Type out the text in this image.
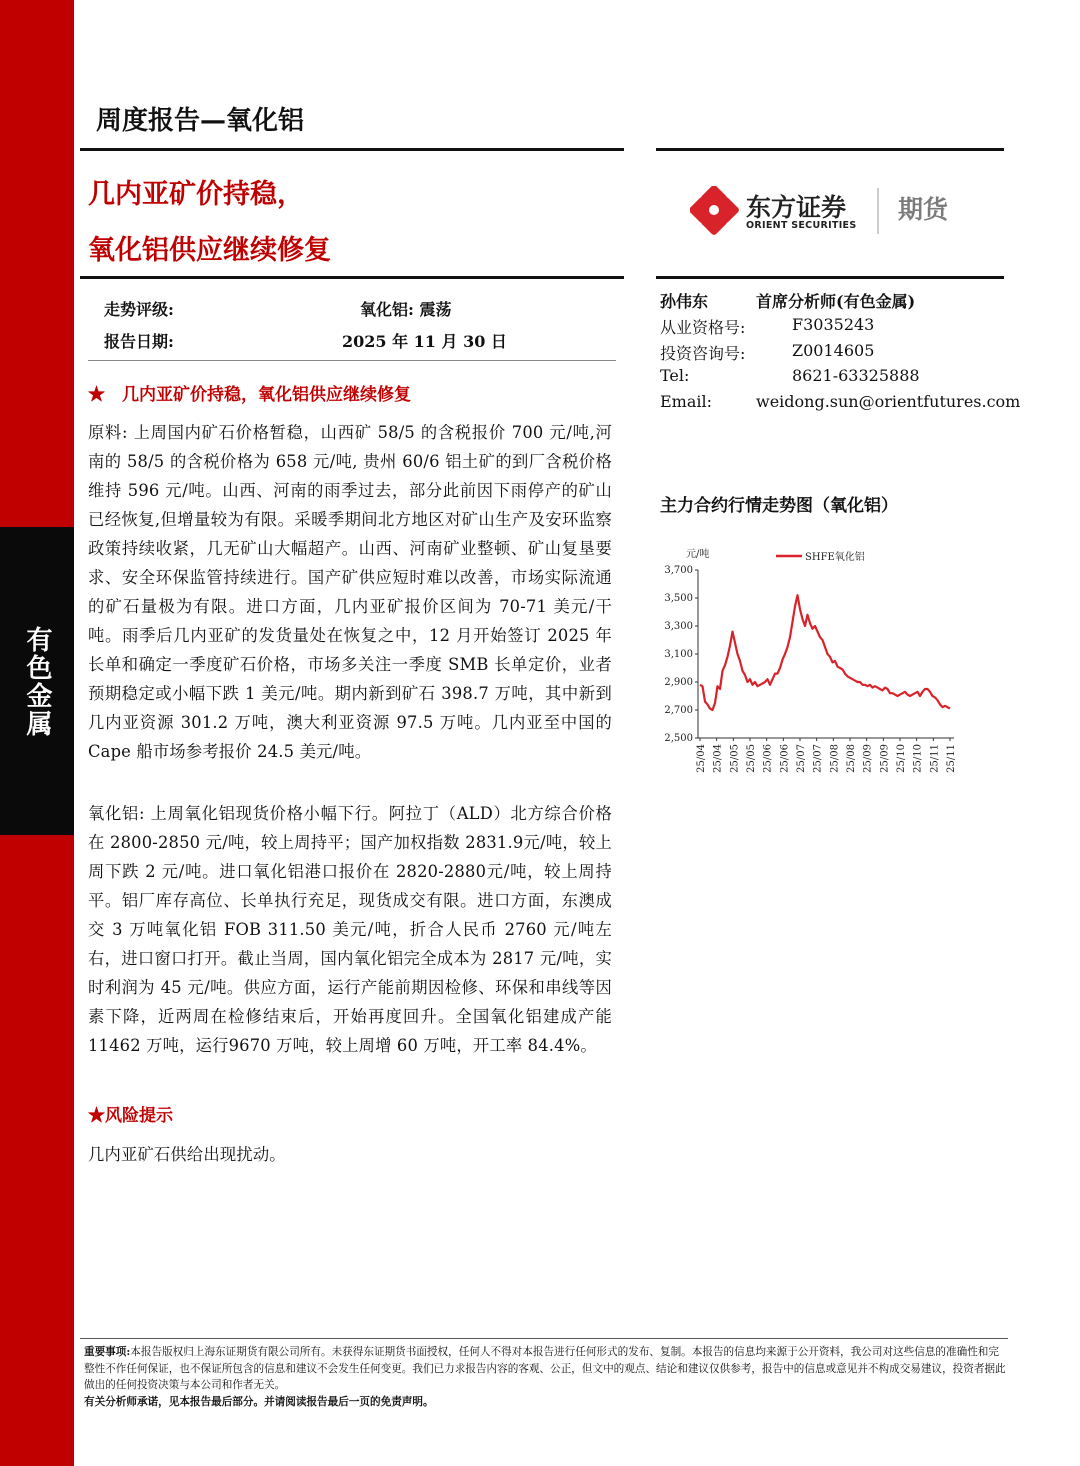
有色金属
周度报告—氧化铝
几内亚矿价持稳，
氧化铝供应继续修复
东方证券
ORIENT SECURITIES
期货
走势评级:	氧化铝: 震荡
报告日期:	2025 年 11 月 30 日
孙伟东	首席分析师(有色金属)
从业资格号:	F3035243
投资咨询号:	Z0014605
Tel:	8621-63325888
Email:	weidong.sun@orientfutures.com
★　几内亚矿价持稳，氧化铝供应继续修复
原料: 上周国内矿石价格暂稳，山西矿 58/5 的含税报价 700 元/吨,河南的 58/5 的含税价格为 658 元/吨, 贵州 60/6 铝土矿的到厂含税价格维持 596 元/吨。山西、河南的雨季过去，部分此前因下雨停产的矿山已经恢复,但增量较为有限。采暖季期间北方地区对矿山生产及安环监察政策持续收紧，几无矿山大幅超产。山西、河南矿业整顿、矿山复垦要求、安全环保监管持续进行。国产矿供应短时难以改善，市场实际流通的矿石量极为有限。进口方面，几内亚矿报价区间为 70-71 美元/干吨。雨季后几内亚矿的发货量处在恢复之中，12 月开始签订 2025 年长单和确定一季度矿石价格，市场多关注一季度 SMB 长单定价，业者预期稳定或小幅下跌 1 美元/吨。期内新到矿石 398.7 万吨，其中新到几内亚资源 301.2 万吨，澳大利亚资源 97.5 万吨。几内亚至中国的 Cape 船市场参考报价 24.5 美元/吨。
氧化铝: 上周氧化铝现货价格小幅下行。阿拉丁（ALD）北方综合价格在 2800-2850 元/吨，较上周持平；国产加权指数 2831.9元/吨，较上周下跌 2 元/吨。进口氧化铝港口报价在 2820-2880元/吨，较上周持平。铝厂库存高位、长单执行充足，现货成交有限。进口方面，东澳成交 3 万吨氧化铝 FOB 311.50 美元/吨，折合人民币 2760 元/吨左右，进口窗口打开。截止当周，国内氧化铝完全成本为 2817 元/吨，实时利润为 45 元/吨。供应方面，运行产能前期因检修、环保和串线等因素下降，近两周在检修结束后，开始再度回升。全国氧化铝建成产能 11462 万吨，运行9670 万吨，较上周增 60 万吨，开工率 84.4%。
★风险提示
几内亚矿石供给出现扰动。
主力合约行情走势图（氧化铝）
2,500
2,700
2,900
3,100
3,300
3,500
3,700
元/吨
25/04 25/04 25/05 25/05 25/06 25/06 25/07 25/07 25/08 25/08 25/09 25/09 25/10 25/10 25/11 25/11
SHFE氧化铝
重要事项:本报告版权归上海东证期货有限公司所有。未获得东证期货书面授权，任何人不得对本报告进行任何形式的发布、复制。本报告的信息均来源于公开资料，我公司对这些信息的准确性和完整性不作任何保证，也不保证所包含的信息和建议不会发生任何变更。我们已力求报告内容的客观、公正，但文中的观点、结论和建议仅供参考，报告中的信息或意见并不构成交易建议，投资者据此做出的任何投资决策与本公司和作者无关。
有关分析师承诺，见本报告最后部分。并请阅读报告最后一页的免责声明。
